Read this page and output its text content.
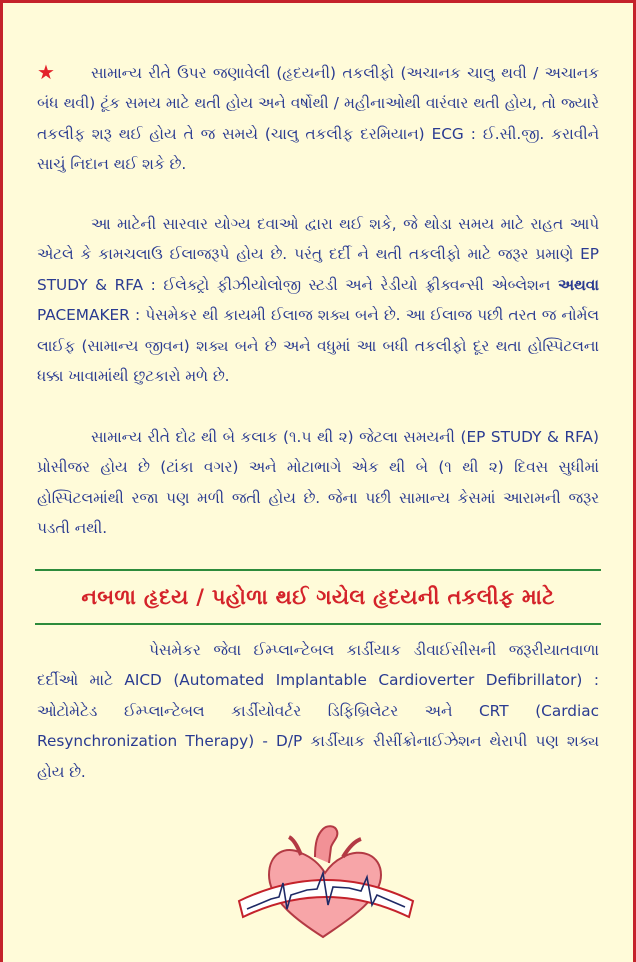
★ સામાન્ય રીતે ઉપર જણાવેલી (હૃદયની) તકલીફો (અચાનક ચાલુ થવી / અચાનક બંધ થવી) ટૂંક સમય માટે થતી હોય અને વર્ષોથી / મહીનાઓથી વારંવાર થતી હોય, તો જ્યારે તકલીફ શરૂ થઈ હોય તે જ સમયે (ચાલુ તકલીફ દરમિયાન) ECG : ઈ.સી.જી. કરાવીને સાચું નિદાન થઈ શકે છે.

આ માટેની સારવાર યોગ્ય દવાઓ દ્વારા થઈ શકે, જે થોડા સમય માટે રાહત આપે એટલે કે કામચલાઉ ઈલાજરૂપે હોય છે. પરંતુ દર્દી ને થતી તકલીફો માટે જરૂર પ્રમાણે EP STUDY & RFA : ઈલેક્ટ્રો ફીઝીયોલોજી સ્ટડી અને રેડીયો ફ્રીક્વન્સી એબ્લેશન અથવા PACEMAKER : પેસમેકર થી કાયમી ઈલાજ શક્ય બને છે. આ ઈલાજ પછી તરત જ નોર્મલ લાઈફ (સામાન્ય જીવન) શક્ય બને છે અને વધુમાં આ બધી તકલીફો દૂર થતા હોસ્પિટલના ધક્કા ખાવામાંથી છુટકારો મળે છે.

સામાન્ય રીતે દોઢ થી બે કલાક (૧.૫ થી ૨) જેટલા સમયની (EP STUDY & RFA) પ્રોસીજર હોય છે (ટાંકા વગર) અને મોટાભાગે એક થી બે (૧ થી ૨) દિવસ સુધીમાં હોસ્પિટલમાંથી રજા પણ મળી જતી હોય છે. જેના પછી સામાન્ય કેસમાં આરામની જરૂર પડતી નથી.

નબળા હૃદય / પહોળા થઈ ગયેલ હૃદયની તકલીફ માટે

પેસમેકર જેવા ઈમ્પ્લાન્ટેબલ કાર્ડીયાક ડીવાઈસીસની જરૂરીયાતવાળા દર્દીઓ માટે AICD (Automated Implantable Cardioverter Defibrillator) : ઓટોમેટેડ ઈમ્પ્લાન્ટેબલ કાર્ડીયોવર્ટર ડિફિબ્રિલેટર અને CRT (Cardiac Resynchronization Therapy) - D/P કાર્ડીયાક રીસીંક્રોનાઈઝેશન થેરાપી પણ શક્ય હોય છે.
